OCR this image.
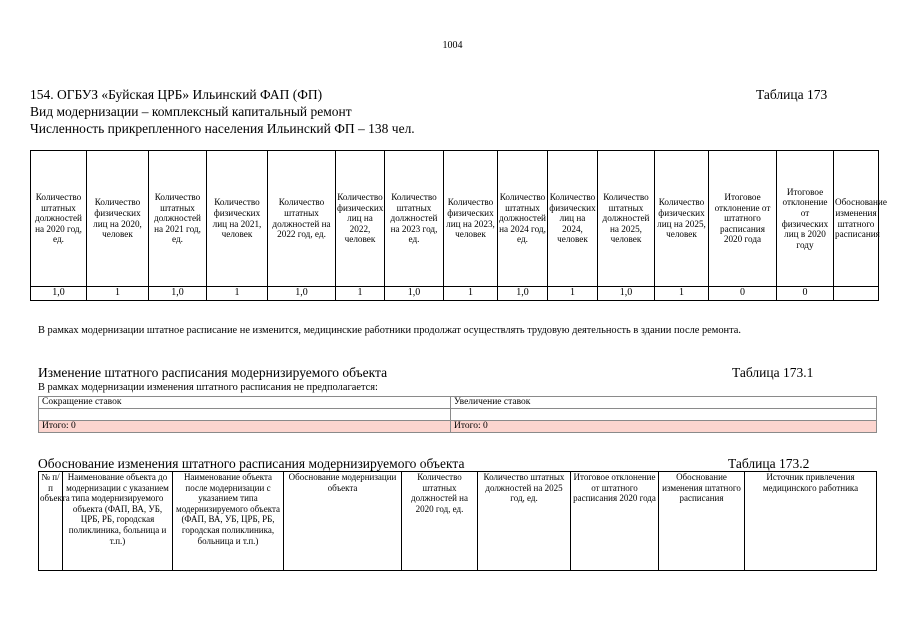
1004
154. ОГБУЗ «Буйская ЦРБ» Ильинский ФАП (ФП)	Таблица 173
Вид модернизации – комплексный капитальный ремонт
Численность прикрепленного населения Ильинский ФП – 138 чел.
Количество штатных должностей на 2020 год, ед.	Количество физических лиц на 2020, человек	Количество штатных должностей на 2021 год, ед.	Количество физических лиц на 2021, человек	Количество штатных должностей на 2022 год, ед.	Количество физических лиц на 2022, человек	Количество штатных должностей на 2023 год, ед.	Количество физических лиц на 2023, человек	Количество штатных должностей на 2024 год, ед.	Количество физических лиц на 2024, человек	Количество штатных должностей на 2025, человек	Количество физических лиц на 2025, человек	Итоговое отклонение от штатного расписания 2020 года	Итоговое отклонение от физических лиц в 2020 году	Обоснование изменения штатного расписания
1,0	1	1,0	1	1,0	1	1,0	1	1,0	1	1,0	1	0	0	
В рамках модернизации штатное расписание не изменится, медицинские работники продолжат осуществлять трудовую деятельность в здании после ремонта.
Изменение штатного расписания модернизируемого объекта	Таблица 173.1
В рамках модернизации изменения штатного расписания не предполагается:
Сокращение ставок	Увеличение ставок

Итого: 0	Итого: 0
Обоснование изменения штатного расписания модернизируемого объекта	Таблица 173.2
№ п/п объекта	Наименование объекта до модернизации с указанием типа модернизируемого объекта (ФАП, ВА, УБ, ЦРБ, РБ, городская поликлиника, больница и т.п.)	Наименование объекта после модернизации с указанием типа модернизируемого объекта (ФАП, ВА, УБ, ЦРБ, РБ, городская поликлиника, больница и т.п.)	Обоснование модернизации объекта	Количество штатных должностей на 2020 год, ед.	Количество штатных должностей на 2025 год, ед.	Итоговое отклонение от штатного расписания 2020 года	Обоснование изменения штатного расписания	Источник привлечения медицинского работника
